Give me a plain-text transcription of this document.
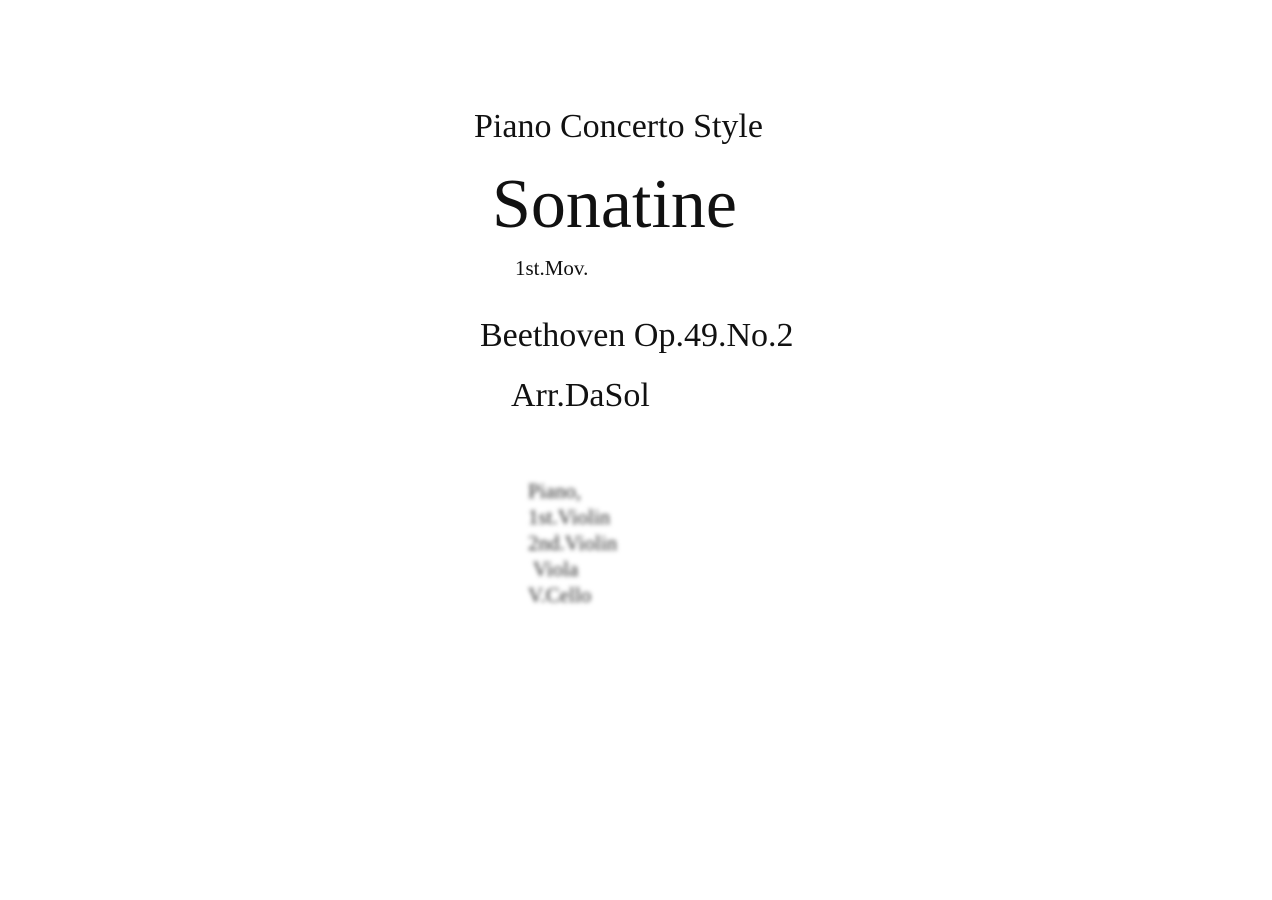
Piano Concerto Style
Sonatine
1st.Mov.
Beethoven Op.49.No.2
Arr.DaSol
Piano,
1st.Violin
2nd.Violin
Viola
V.Cello
